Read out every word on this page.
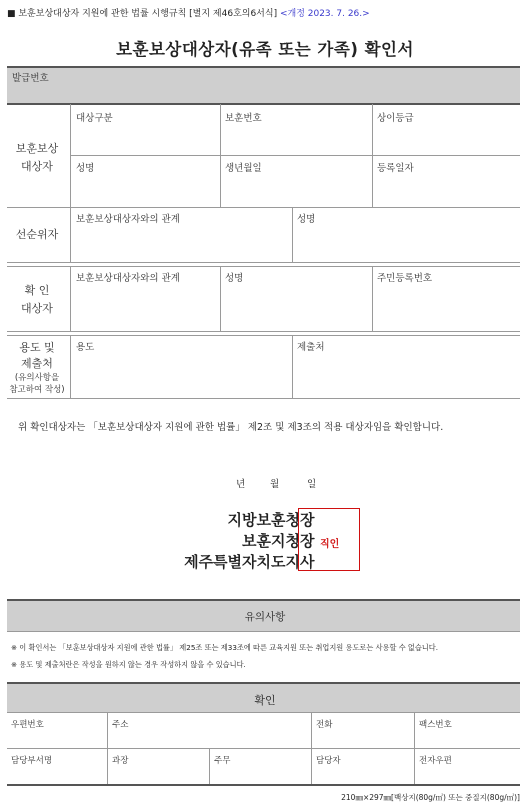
■ 보훈보상대상자 지원에 관한 법률 시행규칙 [별지 제46호의6서식] <개정 2023. 7. 26.>
보훈보상대상자(유족 또는 가족) 확인서
발급번호
보훈보상
대상자
대상구분	보훈번호	상이등급
성명	생년월일	등록일자
선순위자
보훈보상대상자와의 관계	성명
확 인
대상자
보훈보상대상자와의 관계	성명	주민등록번호
용도 및
제출처
(유의사항을
참고하여 작성)
용도	제출처
위 확인대상자는 「보훈보상대상자 지원에 관한 법률」 제2조 및 제3조의 적용 대상자임을 확인합니다.
년	월	일
지방보훈청
보훈지청
제주특별자치도지
장
장
사
직인
유의사항
※ 이 확인서는 「보훈보상대상자 지원에 관한 법률」 제25조 또는 제33조에 따른 교육지원 또는 취업지원 용도로는 사용할 수 없습니다.
※ 용도 및 제출처란은 작성을 원하지 않는 경우 작성하지 않을 수 있습니다.
확인
우편번호	주소	전화	팩스번호
담당부서명	과장	주무	담당자	전자우편
210㎜×297㎜[백상지(80g/㎡) 또는 중질지(80g/㎡)]
